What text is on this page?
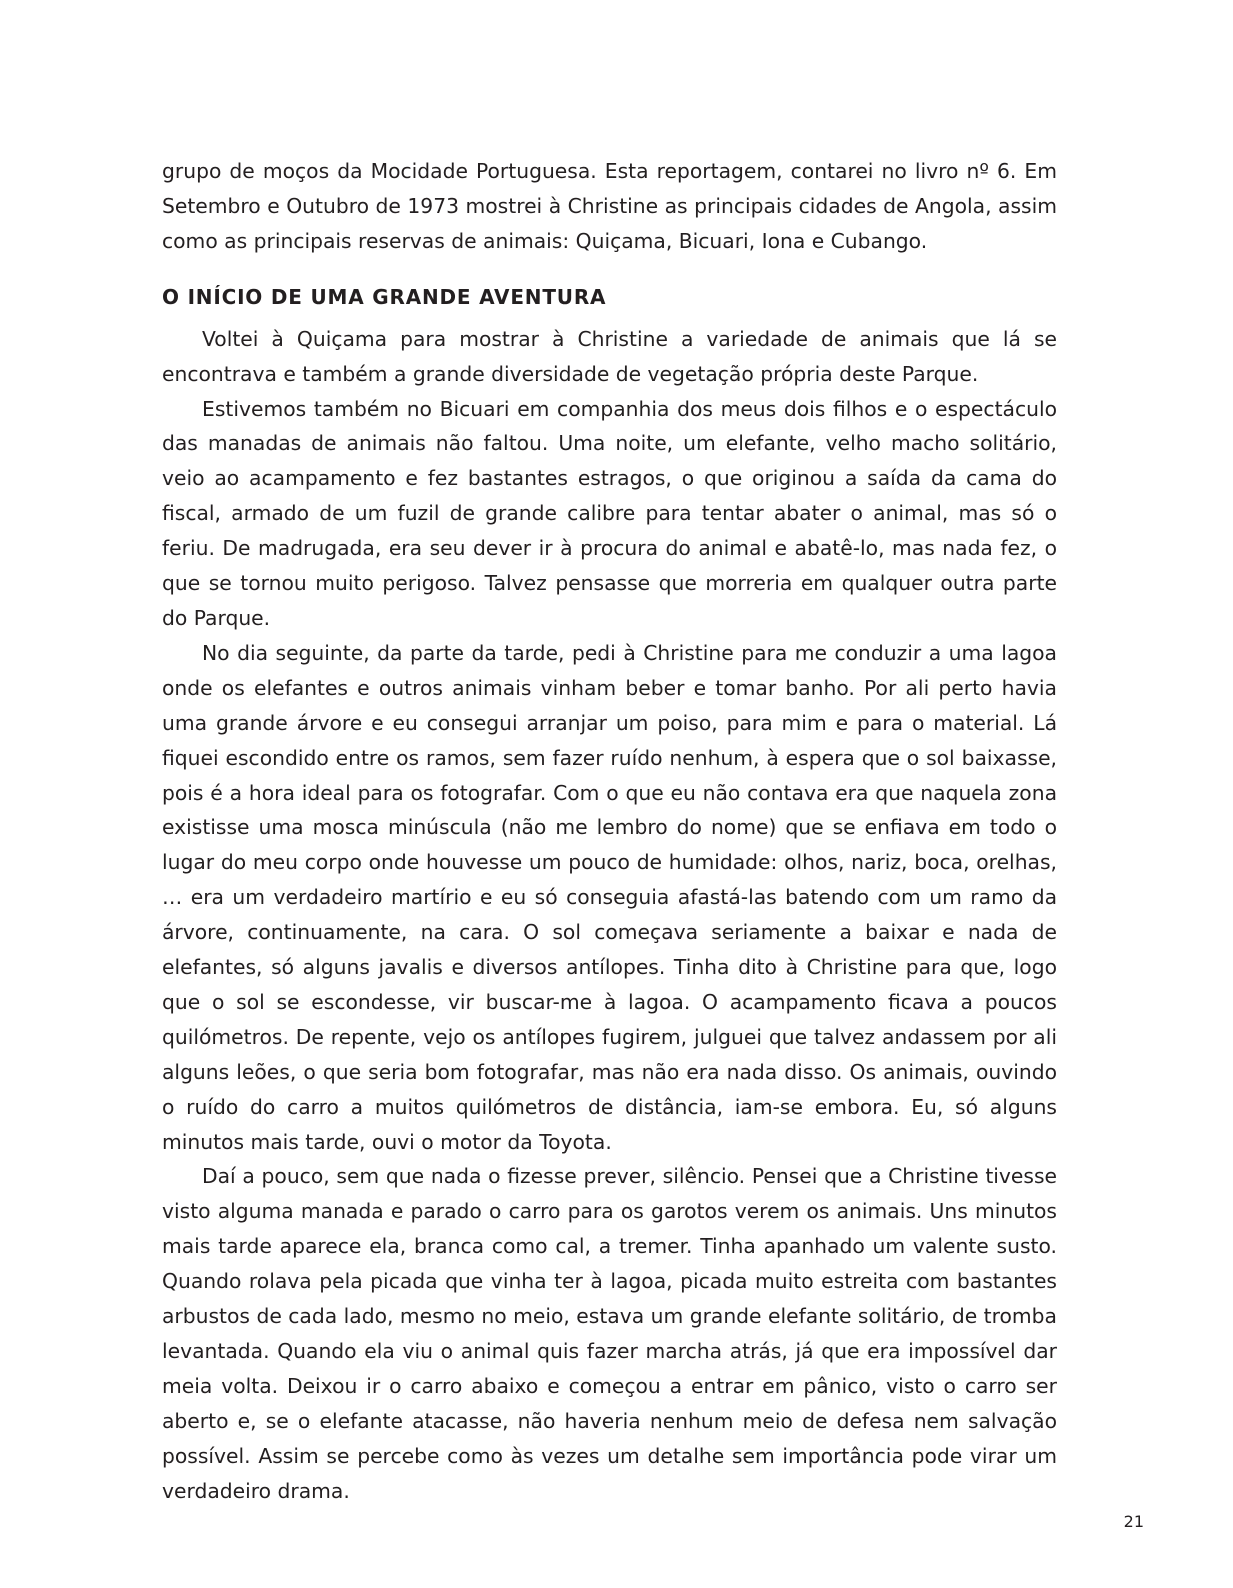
grupo de moços da Mocidade Portuguesa. Esta reportagem, contarei no livro nº 6. Em Setembro e Outubro de 1973 mostrei à Christine as principais cidades de Angola, assim como as principais reservas de animais: Quiçama, Bicuari, Iona e Cubango.

O INÍCIO DE UMA GRANDE AVENTURA

Voltei à Quiçama para mostrar à Christine a variedade de animais que lá se encontrava e também a grande diversidade de vegetação própria deste Parque.

Estivemos também no Bicuari em companhia dos meus dois filhos e o espectáculo das manadas de animais não faltou. Uma noite, um elefante, velho macho solitário, veio ao acampamento e fez bastantes estragos, o que originou a saída da cama do fiscal, armado de um fuzil de grande calibre para tentar abater o animal, mas só o feriu. De madrugada, era seu dever ir à procura do animal e abatê-lo, mas nada fez, o que se tornou muito perigoso. Talvez pensasse que morreria em qualquer outra parte do Parque.

No dia seguinte, da parte da tarde, pedi à Christine para me conduzir a uma lagoa onde os elefantes e outros animais vinham beber e tomar banho. Por ali perto havia uma grande árvore e eu consegui arranjar um poiso, para mim e para o material. Lá fiquei escondido entre os ramos, sem fazer ruído nenhum, à espera que o sol baixasse, pois é a hora ideal para os fotografar. Com o que eu não contava era que naquela zona existisse uma mosca minúscula (não me lembro do nome) que se enfiava em todo o lugar do meu corpo onde houvesse um pouco de humidade: olhos, nariz, boca, orelhas, … era um verdadeiro martírio e eu só conseguia afastá-las batendo com um ramo da árvore, continuamente, na cara. O sol começava seriamente a baixar e nada de elefantes, só alguns javalis e diversos antílopes. Tinha dito à Christine para que, logo que o sol se escondesse, vir buscar-me à lagoa. O acampamento ficava a poucos quilómetros. De repente, vejo os antílopes fugirem, julguei que talvez andassem por ali alguns leões, o que seria bom fotografar, mas não era nada disso. Os animais, ouvindo o ruído do carro a muitos quilómetros de distância, iam-se embora. Eu, só alguns minutos mais tarde, ouvi o motor da Toyota.

Daí a pouco, sem que nada o fizesse prever, silêncio. Pensei que a Christine tivesse visto alguma manada e parado o carro para os garotos verem os animais. Uns minutos mais tarde aparece ela, branca como cal, a tremer. Tinha apanhado um valente susto. Quando rolava pela picada que vinha ter à lagoa, picada muito estreita com bastantes arbustos de cada lado, mesmo no meio, estava um grande elefante solitário, de tromba levantada. Quando ela viu o animal quis fazer marcha atrás, já que era impossível dar meia volta. Deixou ir o carro abaixo e começou a entrar em pânico, visto o carro ser aberto e, se o elefante atacasse, não haveria nenhum meio de defesa nem salvação possível. Assim se percebe como às vezes um detalhe sem importância pode virar um verdadeiro drama.

21
